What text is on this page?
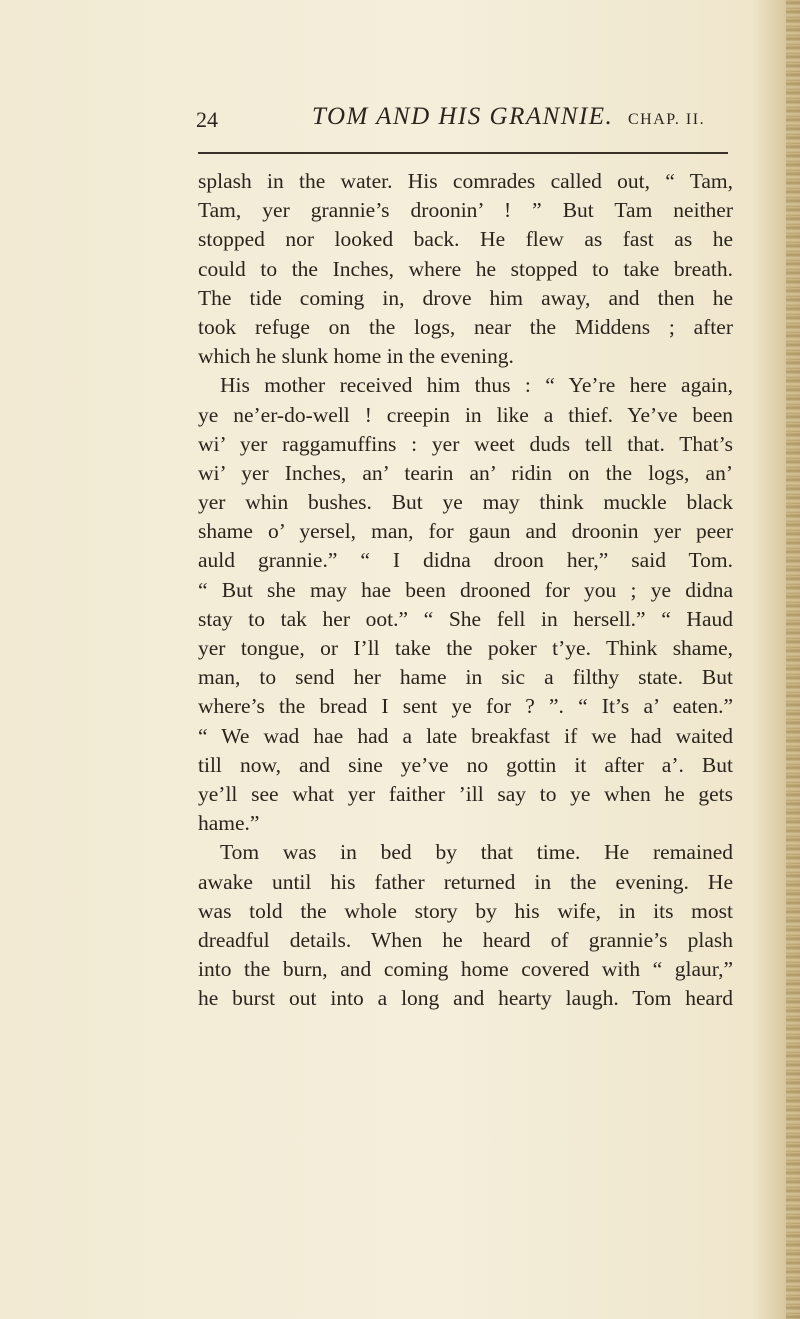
24	TOM AND HIS GRANNIE. CHAP. II.
splash in the water. His comrades called out, “ Tam,
Tam, yer grannie’s droonin’ ! ” But Tam neither
stopped nor looked back. He flew as fast as he
could to the Inches, where he stopped to take breath.
The tide coming in, drove him away, and then he
took refuge on the logs, near the Middens ; after
which he slunk home in the evening.
His mother received him thus : “ Ye’re here again,
ye ne’er-do-well ! creepin in like a thief. Ye’ve been
wi’ yer raggamuffins : yer weet duds tell that. That’s
wi’ yer Inches, an’ tearin an’ ridin on the logs, an’
yer whin bushes. But ye may think muckle black
shame o’ yersel, man, for gaun and droonin yer peer
auld grannie.” “ I didna droon her,” said Tom.
“ But she may hae been drooned for you ; ye didna
stay to tak her oot.” “ She fell in hersell.” “ Haud
yer tongue, or I’ll take the poker t’ye. Think shame,
man, to send her hame in sic a filthy state. But
where’s the bread I sent ye for ? ”. “ It’s a’ eaten.”
“ We wad hae had a late breakfast if we had waited
till now, and sine ye’ve no gottin it after a’. But
ye’ll see what yer faither ’ill say to ye when he gets
hame.”
Tom was in bed by that time. He remained
awake until his father returned in the evening. He
was told the whole story by his wife, in its most
dreadful details. When he heard of grannie’s plash
into the burn, and coming home covered with “ glaur,”
he burst out into a long and hearty laugh. Tom heard
